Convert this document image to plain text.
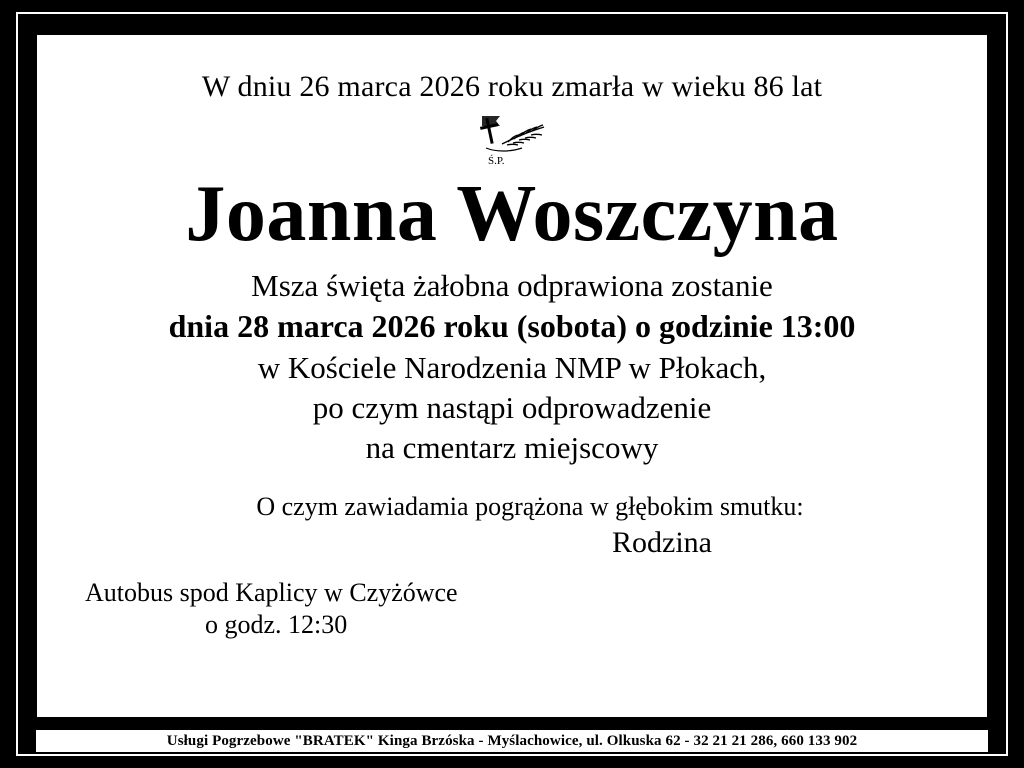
W dniu 26 marca 2026 roku zmarła w wieku 86 lat
Ś.P.
Joanna Woszczyna
Msza święta żałobna odprawiona zostanie
dnia 28 marca 2026 roku (sobota) o godzinie 13:00
w Kościele Narodzenia NMP w Płokach,
po czym nastąpi odprowadzenie
na cmentarz miejscowy
O czym zawiadamia pogrążona w głębokim smutku:
Rodzina
Autobus spod Kaplicy w Czyżówce
o godz. 12:30
Usługi Pogrzebowe "BRATEK" Kinga Brzóska - Myślachowice, ul. Olkuska 62 - 32 21 21 286, 660 133 902
